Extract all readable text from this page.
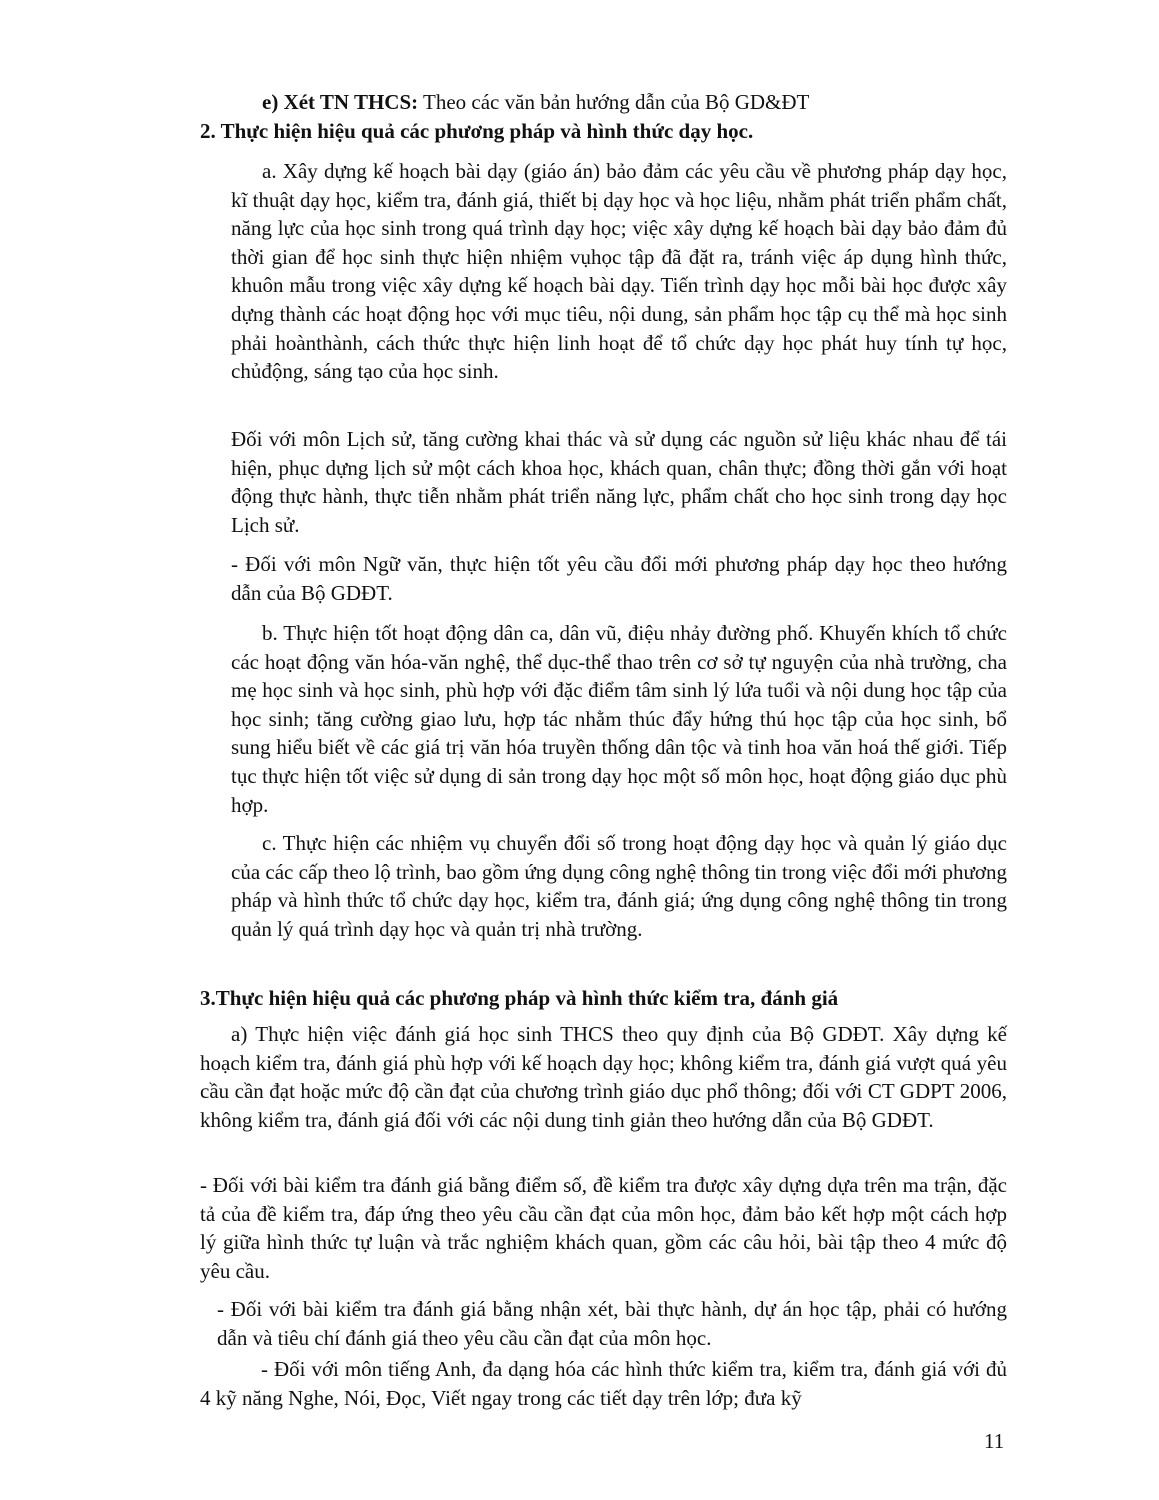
e) Xét TN THCS: Theo các văn bản hướng dẫn của Bộ GD&ĐT

2. Thực hiện hiệu quả các phương pháp và hình thức dạy học.

a. Xây dựng kế hoạch bài dạy (giáo án) bảo đảm các yêu cầu về phương pháp dạy học, kĩ thuật dạy học, kiểm tra, đánh giá, thiết bị dạy học và học liệu, nhằm phát triển phẩm chất, năng lực của học sinh trong quá trình dạy học; việc xây dựng kế hoạch bài dạy bảo đảm đủ thời gian để học sinh thực hiện nhiệm vụhọc tập đã đặt ra, tránh việc áp dụng hình thức, khuôn mẫu trong việc xây dựng kế hoạch bài dạy. Tiến trình dạy học mỗi bài học được xây dựng thành các hoạt động học với mục tiêu, nội dung, sản phẩm học tập cụ thể mà học sinh phải hoànthành, cách thức thực hiện linh hoạt để tổ chức dạy học phát huy tính tự học, chủđộng, sáng tạo của học sinh.

Đối với môn Lịch sử, tăng cường khai thác và sử dụng các nguồn sử liệu khác nhau để tái hiện, phục dựng lịch sử một cách khoa học, khách quan, chân thực; đồng thời gắn với hoạt động thực hành, thực tiễn nhằm phát triển năng lực, phẩm chất cho học sinh trong dạy học Lịch sử.

- Đối với môn Ngữ văn, thực hiện tốt yêu cầu đổi mới phương pháp dạy học theo hướng dẫn của Bộ GDĐT.

b. Thực hiện tốt hoạt động dân ca, dân vũ, điệu nhảy đường phố. Khuyến khích tổ chức các hoạt động văn hóa-văn nghệ, thể dục-thể thao trên cơ sở tự nguyện của nhà trường, cha mẹ học sinh và học sinh, phù hợp với đặc điểm tâm sinh lý lứa tuổi và nội dung học tập của học sinh; tăng cường giao lưu, hợp tác nhằm thúc đẩy hứng thú học tập của học sinh, bổ sung hiểu biết về các giá trị văn hóa truyền thống dân tộc và tinh hoa văn hoá thế giới. Tiếp tục thực hiện tốt việc sử dụng di sản trong dạy học một số môn học, hoạt động giáo dục phù hợp.

c. Thực hiện các nhiệm vụ chuyển đổi số trong hoạt động dạy học và quản lý giáo dục của các cấp theo lộ trình, bao gồm ứng dụng công nghệ thông tin trong việc đổi mới phương pháp và hình thức tổ chức dạy học, kiểm tra, đánh giá; ứng dụng công nghệ thông tin trong quản lý quá trình dạy học và quản trị nhà trường.

3.Thực hiện hiệu quả các phương pháp và hình thức kiểm tra, đánh giá

a) Thực hiện việc đánh giá học sinh THCS theo quy định của Bộ GDĐT. Xây dựng kế hoạch kiểm tra, đánh giá phù hợp với kế hoạch dạy học; không kiểm tra, đánh giá vượt quá yêu cầu cần đạt hoặc mức độ cần đạt của chương trình giáo dục phổ thông; đối với CT GDPT 2006, không kiểm tra, đánh giá đối với các nội dung tinh giản theo hướng dẫn của Bộ GDĐT.

- Đối với bài kiểm tra đánh giá bằng điểm số, đề kiểm tra được xây dựng dựa trên ma trận, đặc tả của đề kiểm tra, đáp ứng theo yêu cầu cần đạt của môn học, đảm bảo kết hợp một cách hợp lý giữa hình thức tự luận và trắc nghiệm khách quan, gồm các câu hỏi, bài tập theo 4 mức độ yêu cầu.

- Đối với bài kiểm tra đánh giá bằng nhận xét, bài thực hành, dự án học tập, phải có hướng dẫn và tiêu chí đánh giá theo yêu cầu cần đạt của môn học.

- Đối với môn tiếng Anh, đa dạng hóa các hình thức kiểm tra, kiểm tra, đánh giá với đủ 4 kỹ năng Nghe, Nói, Đọc, Viết ngay trong các tiết dạy trên lớp; đưa kỹ

11
